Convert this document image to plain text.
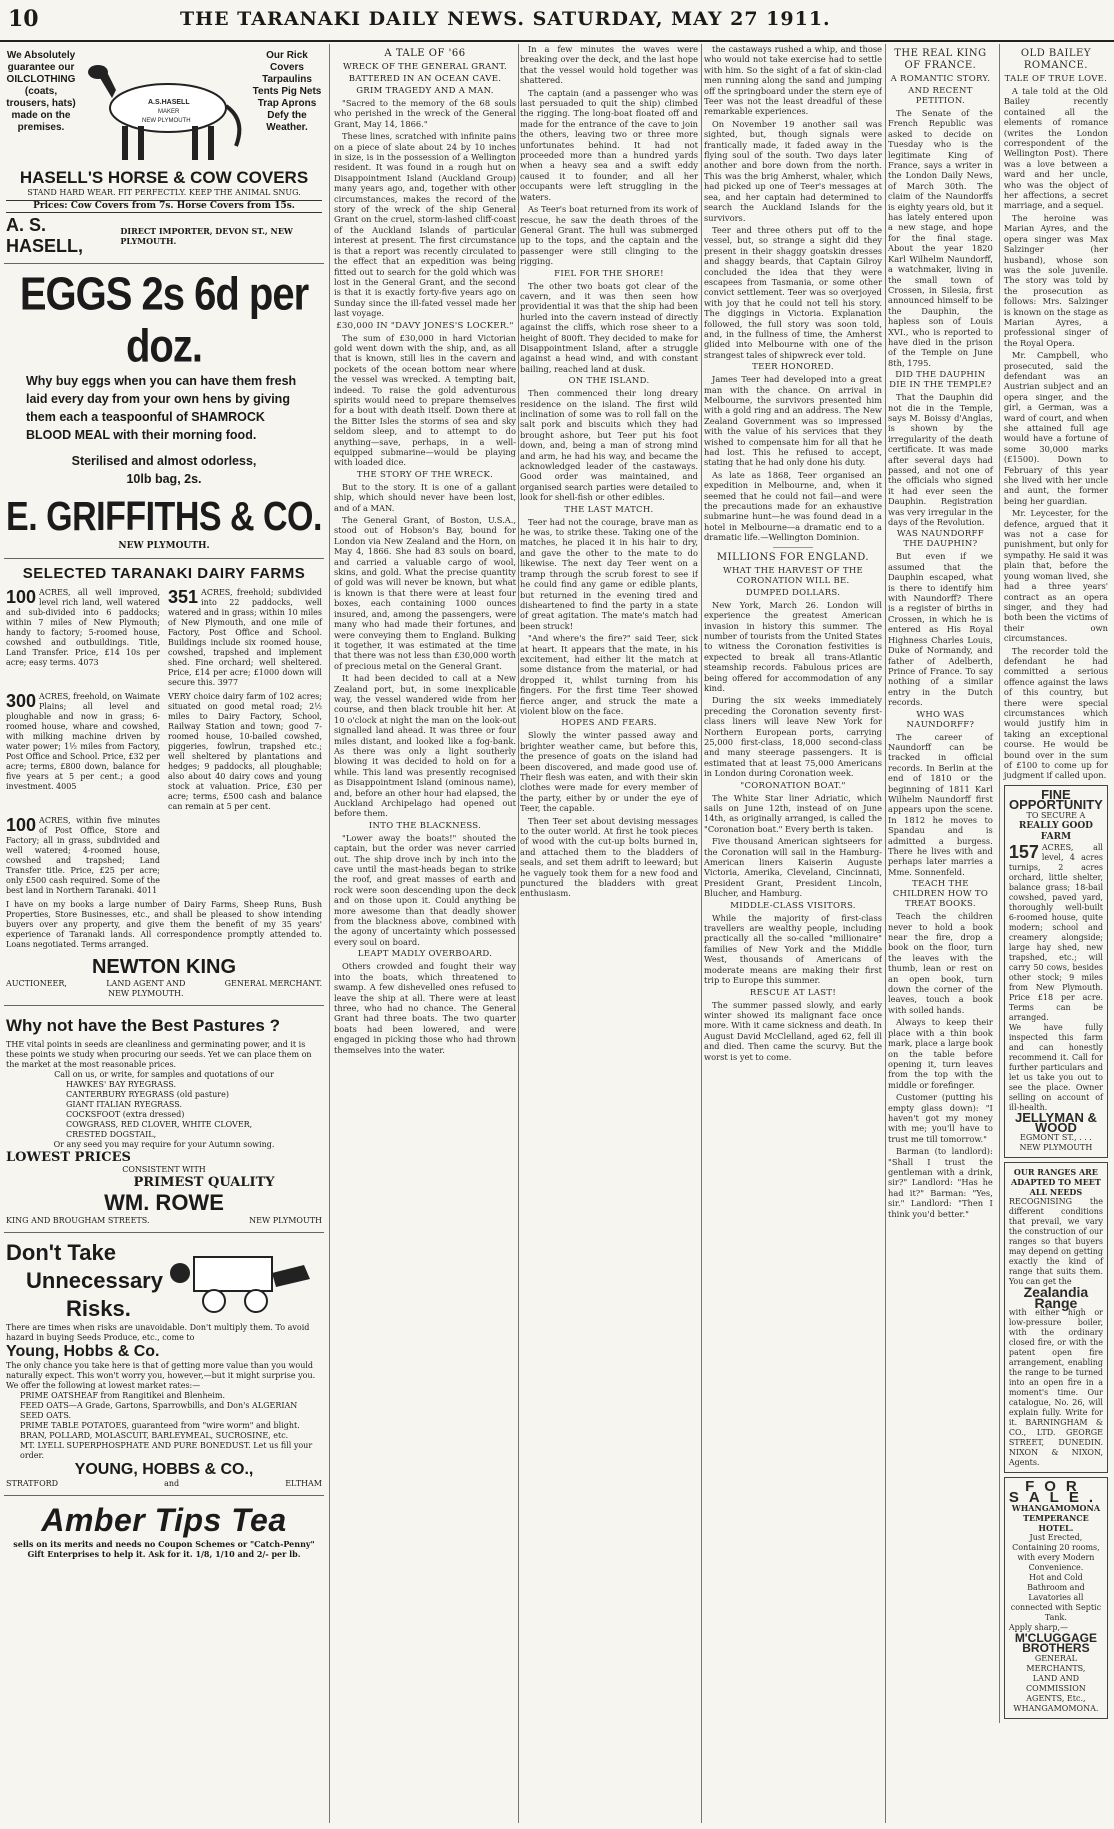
10	THE TARANAKI DAILY NEWS. SATURDAY, MAY 27 1911.
We Absolutely guarantee our OILCLOTHING (coats, trousers, hats) made on the premises.
A.S.HASELL
MAKER
NEW PLYMOUTH
Our Rick Covers Tarpaulins Tents Pig Nets Trap Aprons Defy the Weather.
HASELL'S HORSE & COW COVERS
STAND HARD WEAR. FIT PERFECTLY. KEEP THE ANIMAL SNUG.
Prices: Cow Covers from 7s. Horse Covers from 15s.
A. S. HASELL,
DIRECT IMPORTER, DEVON ST., NEW PLYMOUTH.
EGGS 2s 6d per doz.
Why buy eggs when you can have them fresh laid every day from your own hens by giving them each a teaspoonful of SHAMROCK BLOOD MEAL with their morning food.
Sterilised and almost odorless,
10lb bag, 2s.
E. GRIFFITHS & CO.
NEW PLYMOUTH.
SELECTED TARANAKI DAIRY FARMS
100 ACRES, all well improved, level rich land, well watered and sub-divided into 6 paddocks; within 7 miles of New Plymouth; handy to factory; 5-roomed house, cowshed and outbuildings. Title, Land Transfer. Price, £14 10s per acre; easy terms. 4073
351 ACRES, freehold; subdivided into 22 paddocks, well watered and in grass; within 10 miles of New Plymouth, and one mile of Factory, Post Office and School. Buildings include six roomed house, cowshed, trapshed and implement shed. Fine orchard; well sheltered. Price, £14 per acre; £1000 down will secure this. 3977
300 ACRES, freehold, on Waimate Plains; all level and ploughable and now in grass; 6-roomed house, whare and cowshed, with milking machine driven by water power; 1½ miles from Factory, Post Office and School. Price, £32 per acre; terms, £800 down, balance for five years at 5 per cent.; a good investment. 4005
VERY choice dairy farm of 102 acres; situated on good metal road; 2½ miles to Dairy Factory, School, Railway Station and town; good 7-roomed house, 10-bailed cowshed, piggeries, fowlrun, trapshed etc.; well sheltered by plantations and hedges; 9 paddocks, all ploughable; also about 40 dairy cows and young stock at valuation. Price, £30 per acre; terms, £500 cash and balance can remain at 5 per cent.
100 ACRES, within five minutes of Post Office, Store and Factory; all in grass, subdivided and well watered; 4-roomed house, cowshed and trapshed; Land Transfer title. Price, £25 per acre; only £500 cash required. Some of the best land in Northern Taranaki. 4011
I have on my books a large number of Dairy Farms, Sheep Runs, Bush Properties, Store Businesses, etc., and shall be pleased to show intending buyers over any property, and give them the benefit of my 35 years' experience of Taranaki lands. All correspondence promptly attended to. Loans negotiated. Terms arranged.
NEWTON KING
AUCTIONEER,	LAND AGENT AND NEW PLYMOUTH.
GENERAL MERCHANT.
Why not have the Best Pastures ?
THE vital points in seeds are cleanliness and germinating power, and it is these points we study when procuring our seeds. Yet we can place them on the market at the most reasonable prices.
Call on us, or write, for samples and quotations of our
HAWKES' BAY RYEGRASS.
CANTERBURY RYEGRASS (old pasture)
GIANT ITALIAN RYEGRASS.
COCKSFOOT (extra dressed)
COWGRASS, RED CLOVER, WHITE CLOVER,
CRESTED DOGSTAIL,
Or any seed you may require for your Autumn sowing.
LOWEST PRICES
CONSISTENT WITH
PRIMEST QUALITY
WM. ROWE
KING AND BROUGHAM STREETS.	NEW PLYMOUTH
Don't Take
Unnecessary
Risks.
There are times when risks are unavoidable. Don't multiply them. To avoid hazard in buying Seeds Produce, etc., come to
Young, Hobbs & Co.
The only chance you take here is that of getting more value than you would naturally expect. This won't worry you, however,—but it might surprise you. We offer the following at lowest market rates:—
PRIME OATSHEAF from Rangitikei and Blenheim.
FEED OATS—A Grade, Gartons, Sparrowbills, and Don's ALGERIAN SEED OATS.
PRIME TABLE POTATOES, guaranteed from "wire worm" and blight.
BRAN, POLLARD, MOLASCUIT, BARLEYMEAL, SUCROSINE, etc.
MT. LYELL SUPERPHOSPHATE AND PURE BONEDUST. Let us fill your order.
YOUNG, HOBBS & CO.,
STRATFORD	and	ELTHAM
Amber Tips Tea
sells on its merits and needs no Coupon Schemes or "Catch-Penny" Gift Enterprises to help it. Ask for it. 1/8, 1/10 and 2/- per lb.
A TALE OF '66
WRECK OF THE GENERAL GRANT.
BATTERED IN AN OCEAN CAVE.
GRIM TRAGEDY AND A MAN.

"Sacred to the memory of the 68 souls who perished in the wreck of the General Grant, May 14, 1866."

These lines, scratched with infinite pains on a piece of slate about 24 by 10 inches in size, is in the possession of a Wellington resident. It was found in a rough hut on Disappointment Island (Auckland Group) many years ago, and, together with other circumstances, makes the record of the story of the wreck of the ship General Grant on the cruel, storm-lashed cliff-coast of the Auckland Islands of particular interest at present. The first circumstance is that a report was recently circulated to the effect that an expedition was being fitted out to search for the gold which was lost in the General Grant, and the second is that it is exactly forty-five years ago on Sunday since the ill-fated vessel made her last voyage.

£30,000 IN "DAVY JONES'S LOCKER."

The sum of £30,000 in hard Victorian gold went down with the ship, and, as all that is known, still lies in the cavern and pockets of the ocean bottom near where the vessel was wrecked. A tempting bait, indeed. To raise the gold adventurous spirits would need to prepare themselves for a bout with death itself. Down there at the Bitter Isles the storms of sea and sky seldom sleep, and to attempt to do anything—save, perhaps, in a well-equipped submarine—would be playing with loaded dice.

THE STORY OF THE WRECK.

But to the story. It is one of a gallant ship, which should never have been lost, and of a MAN.

The General Grant, of Boston, U.S.A., stood out of Hobson's Bay, bound for London via New Zealand and the Horn, on May 4, 1866. She had 83 souls on board, and carried a valuable cargo of wool, skins, and gold. What the precise quantity of gold was will never be known, but what is known is that there were at least four boxes, each containing 1000 ounces insured, and, among the passengers, were many who had made their fortunes, and were conveying them to England. Bulking it together, it was estimated at the time that there was not less than £30,000 worth of precious metal on the General Grant.

It had been decided to call at a New Zealand port, but, in some inexplicable way, the vessel wandered wide from her course, and then black trouble hit her. At 10 o'clock at night the man on the look-out signalled land ahead. It was three or four miles distant, and looked like a fog-bank. As there was only a light southerly blowing it was decided to hold on for a while. This land was presently recognised as Disappointment Island (ominous name), and, before an other hour had elapsed, the Auckland Archipelago had opened out before them.

INTO THE BLACKNESS.

"Lower away the boats!" shouted the captain, but the order was never carried out. The ship drove inch by inch into the cave until the mast-heads began to strike the roof, and great masses of earth and rock were soon descending upon the deck and on those upon it. Could anything be more awesome than that deadly shower from the blackness above, combined with the agony of uncertainty which possessed every soul on board.

LEAPT MADLY OVERBOARD.

Others crowded and fought their way into the boats, which threatened to swamp. A few dishevelled ones refused to leave the ship at all. There were at least three, who had no chance. The General Grant had three boats. The two quarter boats had been lowered, and were engaged in picking those who had thrown themselves into the water.

In a few minutes the waves were breaking over the deck, and the last hope that the vessel would hold together was shattered.

The captain (and a passenger who was last persuaded to quit the ship) climbed the rigging. The long-boat floated off and made for the entrance of the cave to join the others, leaving two or three more unfortunates behind. It had not proceeded more than a hundred yards when a heavy sea and a swift eddy caused it to founder, and all her occupants were left struggling in the waters.

As Teer's boat returned from its work of rescue, he saw the death throes of the General Grant. The hull was submerged up to the tops, and the captain and the passenger were still clinging to the rigging.

FIEL FOR THE SHORE!

The other two boats got clear of the cavern, and it was then seen how providential it was that the ship had been hurled into the cavern instead of directly against the cliffs, which rose sheer to a height of 800ft. They decided to make for Disappointment Island, after a struggle against a head wind, and with constant bailing, reached land at dusk.

ON THE ISLAND.

Then commenced their long dreary residence on the island. The first wild inclination of some was to roll fall on the salt pork and biscuits which they had brought ashore, but Teer put his foot down, and, being a man of strong mind and arm, he had his way, and became the acknowledged leader of the castaways. Good order was maintained, and organised search parties were detailed to look for shell-fish or other edibles.

THE LAST MATCH.

Teer had not the courage, brave man as he was, to strike these. Taking one of the matches, he placed it in his hair to dry, and gave the other to the mate to do likewise. The next day Teer went on a tramp through the scrub forest to see if he could find any game or edible plants, but returned in the evening tired and disheartened to find the party in a state of great agitation. The mate's match had been struck!

"And where's the fire?" said Teer, sick at heart. It appears that the mate, in his excitement, had either lit the match at some distance from the material, or had dropped it, whilst turning from his fingers. For the first time Teer showed fierce anger, and struck the mate a violent blow on the face.

HOPES AND FEARS.

Slowly the winter passed away and brighter weather came, but before this, the presence of goats on the island had been discovered, and made good use of. Their flesh was eaten, and with their skin clothes were made for every member of the party, either by or under the eye of Teer, the capable.

Then Teer set about devising messages to the outer world. At first he took pieces of wood with the cut-up bolts burned in, and attached them to the bladders of seals, and set them adrift to leeward; but he vaguely took them for a new food and punctured the bladders with great enthusiasm.

the castaways rushed a whip, and those who would not take exercise had to settle with him. So the sight of a fat of skin-clad men running along the sand and jumping off the springboard under the stern eye of Teer was not the least dreadful of these remarkable experiences.

On November 19 another sail was sighted, but, though signals were frantically made, it faded away in the flying soul of the south. Two days later another and bore down from the north. This was the brig Amherst, whaler, which had picked up one of Teer's messages at sea, and her captain had determined to search the Auckland Islands for the survivors.

Teer and three others put off to the vessel, but, so strange a sight did they present in their shaggy goatskin dresses and shaggy beards, that Captain Gilroy concluded the idea that they were escapees from Tasmania, or some other convict settlement. Teer was so overjoyed with joy that he could not tell his story. The diggings in Victoria. Explanation followed, the full story was soon told, and, in the fullness of time, the Amherst glided into Melbourne with one of the strangest tales of shipwreck ever told.

TEER HONORED.

James Teer had developed into a great man with the chance. On arrival in Melbourne, the survivors presented him with a gold ring and an address. The New Zealand Government was so impressed with the value of his services that they wished to compensate him for all that he had lost. This he refused to accept, stating that he had only done his duty.

As late as 1868, Teer organised an expedition in Melbourne, and, when it seemed that he could not fail—and were the precautions made for an exhaustive submarine hunt—he was found dead in a hotel in Melbourne—a dramatic end to a dramatic life.—Wellington Dominion.

MILLIONS FOR ENGLAND.
WHAT THE HARVEST OF THE CORONATION WILL BE.
DUMPED DOLLARS.

New York, March 26. London will experience the greatest American invasion in history this summer. The number of tourists from the United States to witness the Coronation festivities is expected to break all trans-Atlantic steamship records. Fabulous prices are being offered for accommodation of any kind.

During the six weeks immediately preceding the Coronation seventy first-class liners will leave New York for Northern European ports, carrying 25,000 first-class, 18,000 second-class and many steerage passengers. It is estimated that at least 75,000 Americans in London during Coronation week.

"CORONATION BOAT."

The White Star liner Adriatic, which sails on June 12th, instead of on June 14th, as originally arranged, is called the "Coronation boat." Every berth is taken.

Five thousand American sightseers for the Coronation will sail in the Hamburg-American liners Kaiserin Auguste Victoria, Amerika, Cleveland, Cincinnati, President Grant, President Lincoln, Blucher, and Hamburg.

MIDDLE-CLASS VISITORS.

While the majority of first-class travellers are wealthy people, including practically all the so-called "millionaire" families of New York and the Middle West, thousands of Americans of moderate means are making their first trip to Europe this summer.

RESCUE AT LAST!

The summer passed slowly, and early winter showed its malignant face once more. With it came sickness and death. In August David McClelland, aged 62, fell ill and died. Then came the scurvy. But the worst is yet to come.

THE REAL KING OF FRANCE.
A ROMANTIC STORY.
AND RECENT PETITION.

The Senate of the French Republic was asked to decide on Tuesday who is the legitimate King of France, says a writer in the London Daily News, of March 30th. The claim of the Naundorffs is eighty years old, but it has lately entered upon a new stage, and hope for the final stage. About the year 1820 Karl Wilhelm Naundorff, a watchmaker, living in the small town of Crossen, in Silesia, first announced himself to be the Dauphin, the hapless son of Louis XVI., who is reported to have died in the prison of the Temple on June 8th, 1795.

DID THE DAUPHIN DIE IN THE TEMPLE?

That the Dauphin did not die in the Temple, says M. Boissy d'Anglas, is shown by the irregularity of the death certificate. It was made after several days had passed, and not one of the officials who signed it had ever seen the Dauphin. Registration was very irregular in the days of the Revolution.

WAS NAUNDORFF THE DAUPHIN?

But even if we assumed that the Dauphin escaped, what is there to identify him with Naundorff? There is a register of births in Crossen, in which he is entered as His Royal Highness Charles Louis, Duke of Normandy, and father of Adelberth, Prince of France. To say nothing of a similar entry in the Dutch records.

WHO WAS NAUNDORFF?

The career of Naundorff can be tracked in official records. In Berlin at the end of 1810 or the beginning of 1811 Karl Wilhelm Naundorff first appears upon the scene. In 1812 he moves to Spandau and is admitted a burgess. There he lives with and perhaps later marries a Mme. Sonnenfeld.

TEACH THE CHILDREN HOW TO TREAT BOOKS.

Teach the children never to hold a book near the fire, drop a book on the floor, turn the leaves with the thumb, lean or rest on an open book, turn down the corner of the leaves, touch a book with soiled hands.

Always to keep their place with a thin book mark, place a large book on the table before opening it, turn leaves from the top with the middle or forefinger.

Customer (putting his empty glass down): "I haven't got my money with me; you'll have to trust me till tomorrow."

Barman (to landlord): "Shall I trust the gentleman with a drink, sir?" Landlord: "Has he had it?" Barman: "Yes, sir." Landlord: "Then I think you'd better."

OLD BAILEY ROMANCE.
TALE OF TRUE LOVE.

A tale told at the Old Bailey recently contained all the elements of romance (writes the London correspondent of the Wellington Post). There was a love between a ward and her uncle, who was the object of her affections, a secret marriage, and a sequel.

The heroine was Marian Ayres, and the opera singer was Max Salzinger (her husband), whose son was the sole juvenile. The story was told by the prosecution as follows: Mrs. Salzinger is known on the stage as Marian Ayres, a professional singer of the Royal Opera.

Mr. Campbell, who prosecuted, said the defendant was an Austrian subject and an opera singer, and the girl, a German, was a ward of court, and when she attained full age would have a fortune of some 30,000 marks (£1500). Down to February of this year she lived with her uncle and aunt, the former being her guardian.

Mr. Leycester, for the defence, argued that it was not a case for punishment, but only for sympathy. He said it was plain that, before the young woman lived, she had a three years' contract as an opera singer, and they had both been the victims of their own circumstances.

The recorder told the defendant he had committed a serious offence against the laws of this country, but there were special circumstances which would justify him in taking an exceptional course. He would be bound over in the sum of £100 to come up for judgment if called upon.

FINE OPPORTUNITY
TO SECURE A
REALLY GOOD FARM
157 ACRES, all level, 4 acres turnips, 2 acres orchard, little shelter, balance grass; 18-bail cowshed, paved yard, thoroughly well-built 6-roomed house, quite modern; school and creamery alongside; large hay shed, new trapshed, etc.; will carry 50 cows, besides other stock; 9 miles from New Plymouth. Price £18 per acre. Terms can be arranged.
We have fully inspected this farm and can honestly recommend it. Call for further particulars and let us take you out to see the place. Owner selling on account of ill-health.
JELLYMAN & WOOD
EGMONT ST., . . . NEW PLYMOUTH
OUR RANGES ARE ADAPTED TO MEET ALL NEEDS
RECOGNISING the different conditions that prevail, we vary the construction of our ranges so that buyers may depend on getting exactly the kind of range that suits them. You can get the
Zealandia Range
with either high or low-pressure boiler, with the ordinary closed fire, or with the patent open fire arrangement, enabling the range to be turned into an open fire in a moment's time. Our catalogue, No. 26, will explain fully. Write for it. BARNINGHAM & CO., LTD. GEORGE STREET, DUNEDIN. NIXON & NIXON, Agents.
FOR SALE.
WHANGAMOMONA TEMPERANCE HOTEL.
Just Erected,
Containing 20 rooms, with every Modern Convenience.
Hot and Cold Bathroom and Lavatories all connected with Septic Tank.
Apply sharp,—
M'CLUGGAGE BROTHERS
GENERAL MERCHANTS,
LAND AND COMMISSION AGENTS, Etc.,
WHANGAMOMONA.
